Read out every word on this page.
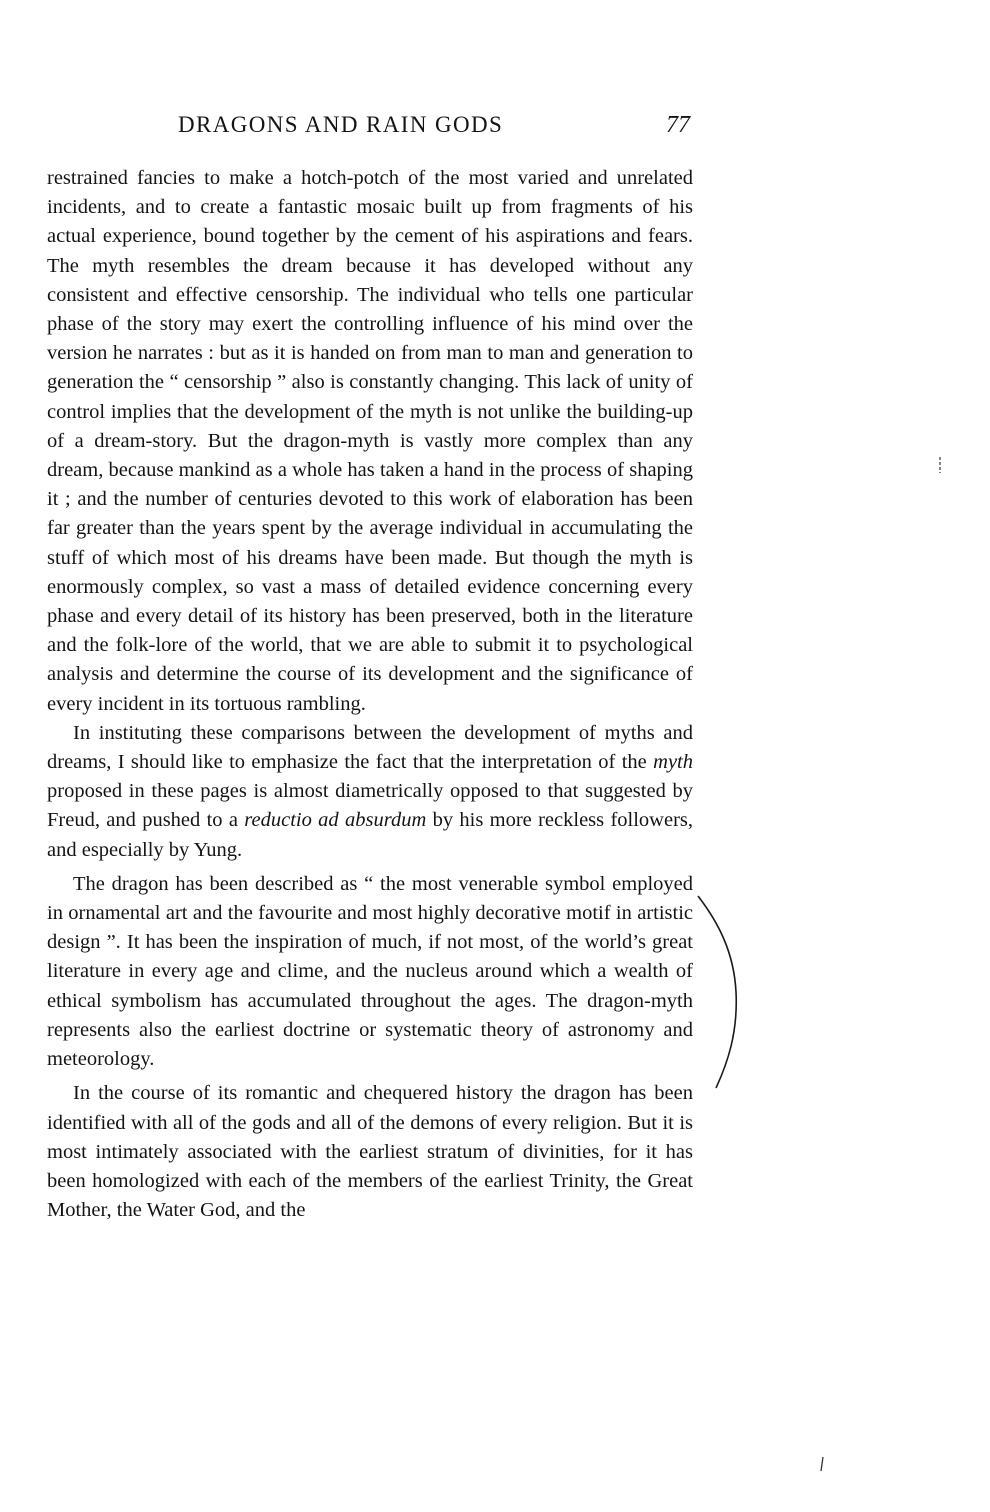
DRAGONS AND RAIN GODS	77

restrained fancies to make a hotch-potch of the most varied and unrelated incidents, and to create a fantastic mosaic built up from fragments of his actual experience, bound together by the cement of his aspirations and fears. The myth resembles the dream because it has developed without any consistent and effective censorship. The individual who tells one particular phase of the story may exert the controlling influence of his mind over the version he narrates : but as it is handed on from man to man and generation to generation the “ censorship ” also is constantly changing. This lack of unity of control implies that the development of the myth is not unlike the building-up of a dream-story. But the dragon-myth is vastly more complex than any dream, because mankind as a whole has taken a hand in the process of shaping it ; and the number of centuries devoted to this work of elaboration has been far greater than the years spent by the average individual in accumulating the stuff of which most of his dreams have been made. But though the myth is enormously complex, so vast a mass of detailed evidence concerning every phase and every detail of its history has been preserved, both in the literature and the folk-lore of the world, that we are able to submit it to psychological analysis and determine the course of its development and the significance of every incident in its tortuous rambling.

In instituting these comparisons between the development of myths and dreams, I should like to emphasize the fact that the interpretation of the myth proposed in these pages is almost diametrically opposed to that suggested by Freud, and pushed to a reductio ad absurdum by his more reckless followers, and especially by Yung.

The dragon has been described as “ the most venerable symbol employed in ornamental art and the favourite and most highly decorative motif in artistic design ”. It has been the inspiration of much, if not most, of the world’s great literature in every age and clime, and the nucleus around which a wealth of ethical symbolism has accumulated throughout the ages. The dragon-myth represents also the earliest doctrine or systematic theory of astronomy and meteorology.

In the course of its romantic and chequered history the dragon has been identified with all of the gods and all of the demons of every religion. But it is most intimately associated with the earliest stratum of divinities, for it has been homologized with each of the members of the earliest Trinity, the Great Mother, the Water God, and the
